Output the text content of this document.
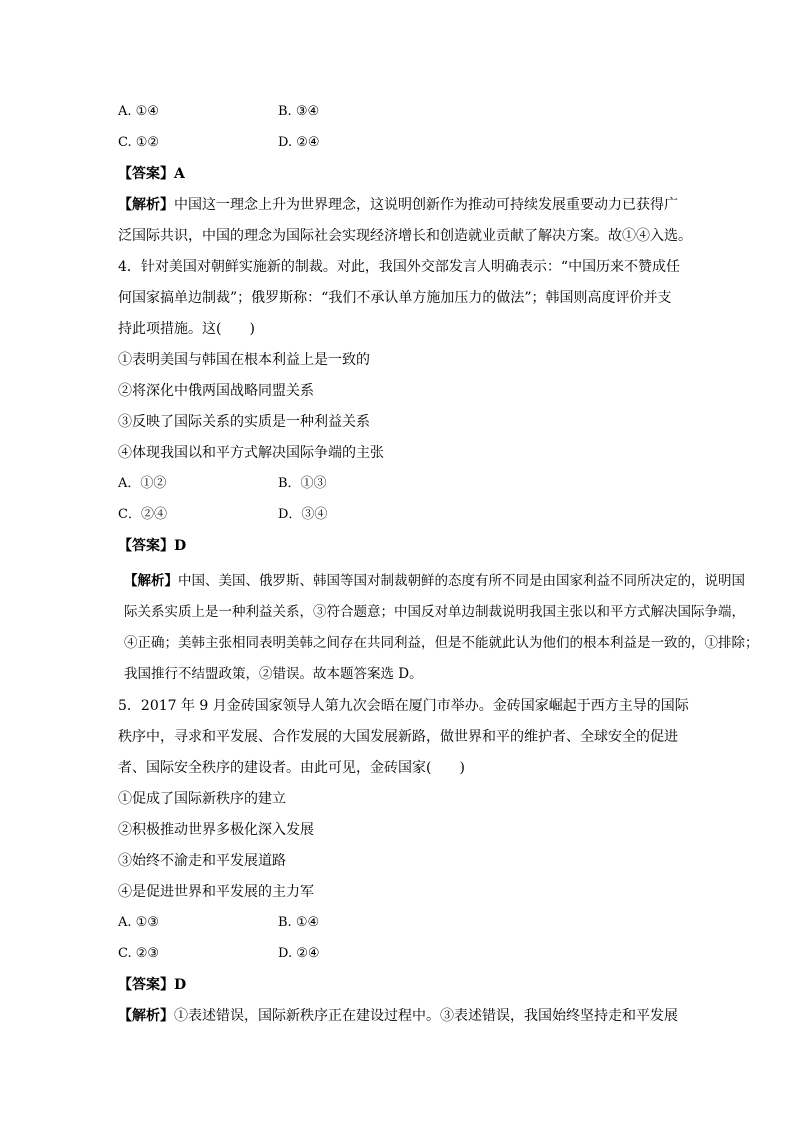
A. ①④	B. ③④

C. ①②	D. ②④

【答案】A

【解析】中国这一理念上升为世界理念，这说明创新作为推动可持续发展重要动力已获得广

泛国际共识，中国的理念为国际社会实现经济增长和创造就业贡献了解决方案。故①④入选。

4．针对美国对朝鲜实施新的制裁。对此，我国外交部发言人明确表示：“中国历来不赞成任

何国家搞单边制裁”；俄罗斯称：“我们不承认单方施加压力的做法”；韩国则高度评价并支

持此项措施。这(　　)

①表明美国与韩国在根本利益上是一致的

②将深化中俄两国战略同盟关系

③反映了国际关系的实质是一种利益关系

④体现我国以和平方式解决国际争端的主张

A．①②	B．①③

C．②④	D．③④

【答案】D

【解析】中国、美国、俄罗斯、韩国等国对制裁朝鲜的态度有所不同是由国家利益不同所决定的，说明国

际关系实质上是一种利益关系，③符合题意；中国反对单边制裁说明我国主张以和平方式解决国际争端，

④正确；美韩主张相同表明美韩之间存在共同利益，但是不能就此认为他们的根本利益是一致的，①排除；

我国推行不结盟政策，②错误。故本题答案选 D。

5．2017 年 9 月金砖国家领导人第九次会晤在厦门市举办。金砖国家崛起于西方主导的国际

秩序中，寻求和平发展、合作发展的大国发展新路，做世界和平的维护者、全球安全的促进

者、国际安全秩序的建设者。由此可见，金砖国家(　　)

①促成了国际新秩序的建立

②积极推动世界多极化深入发展

③始终不渝走和平发展道路

④是促进世界和平发展的主力军

A. ①③	B. ①④

C. ②③	D. ②④

【答案】D

【解析】①表述错误，国际新秩序正在建设过程中。③表述错误，我国始终坚持走和平发展
